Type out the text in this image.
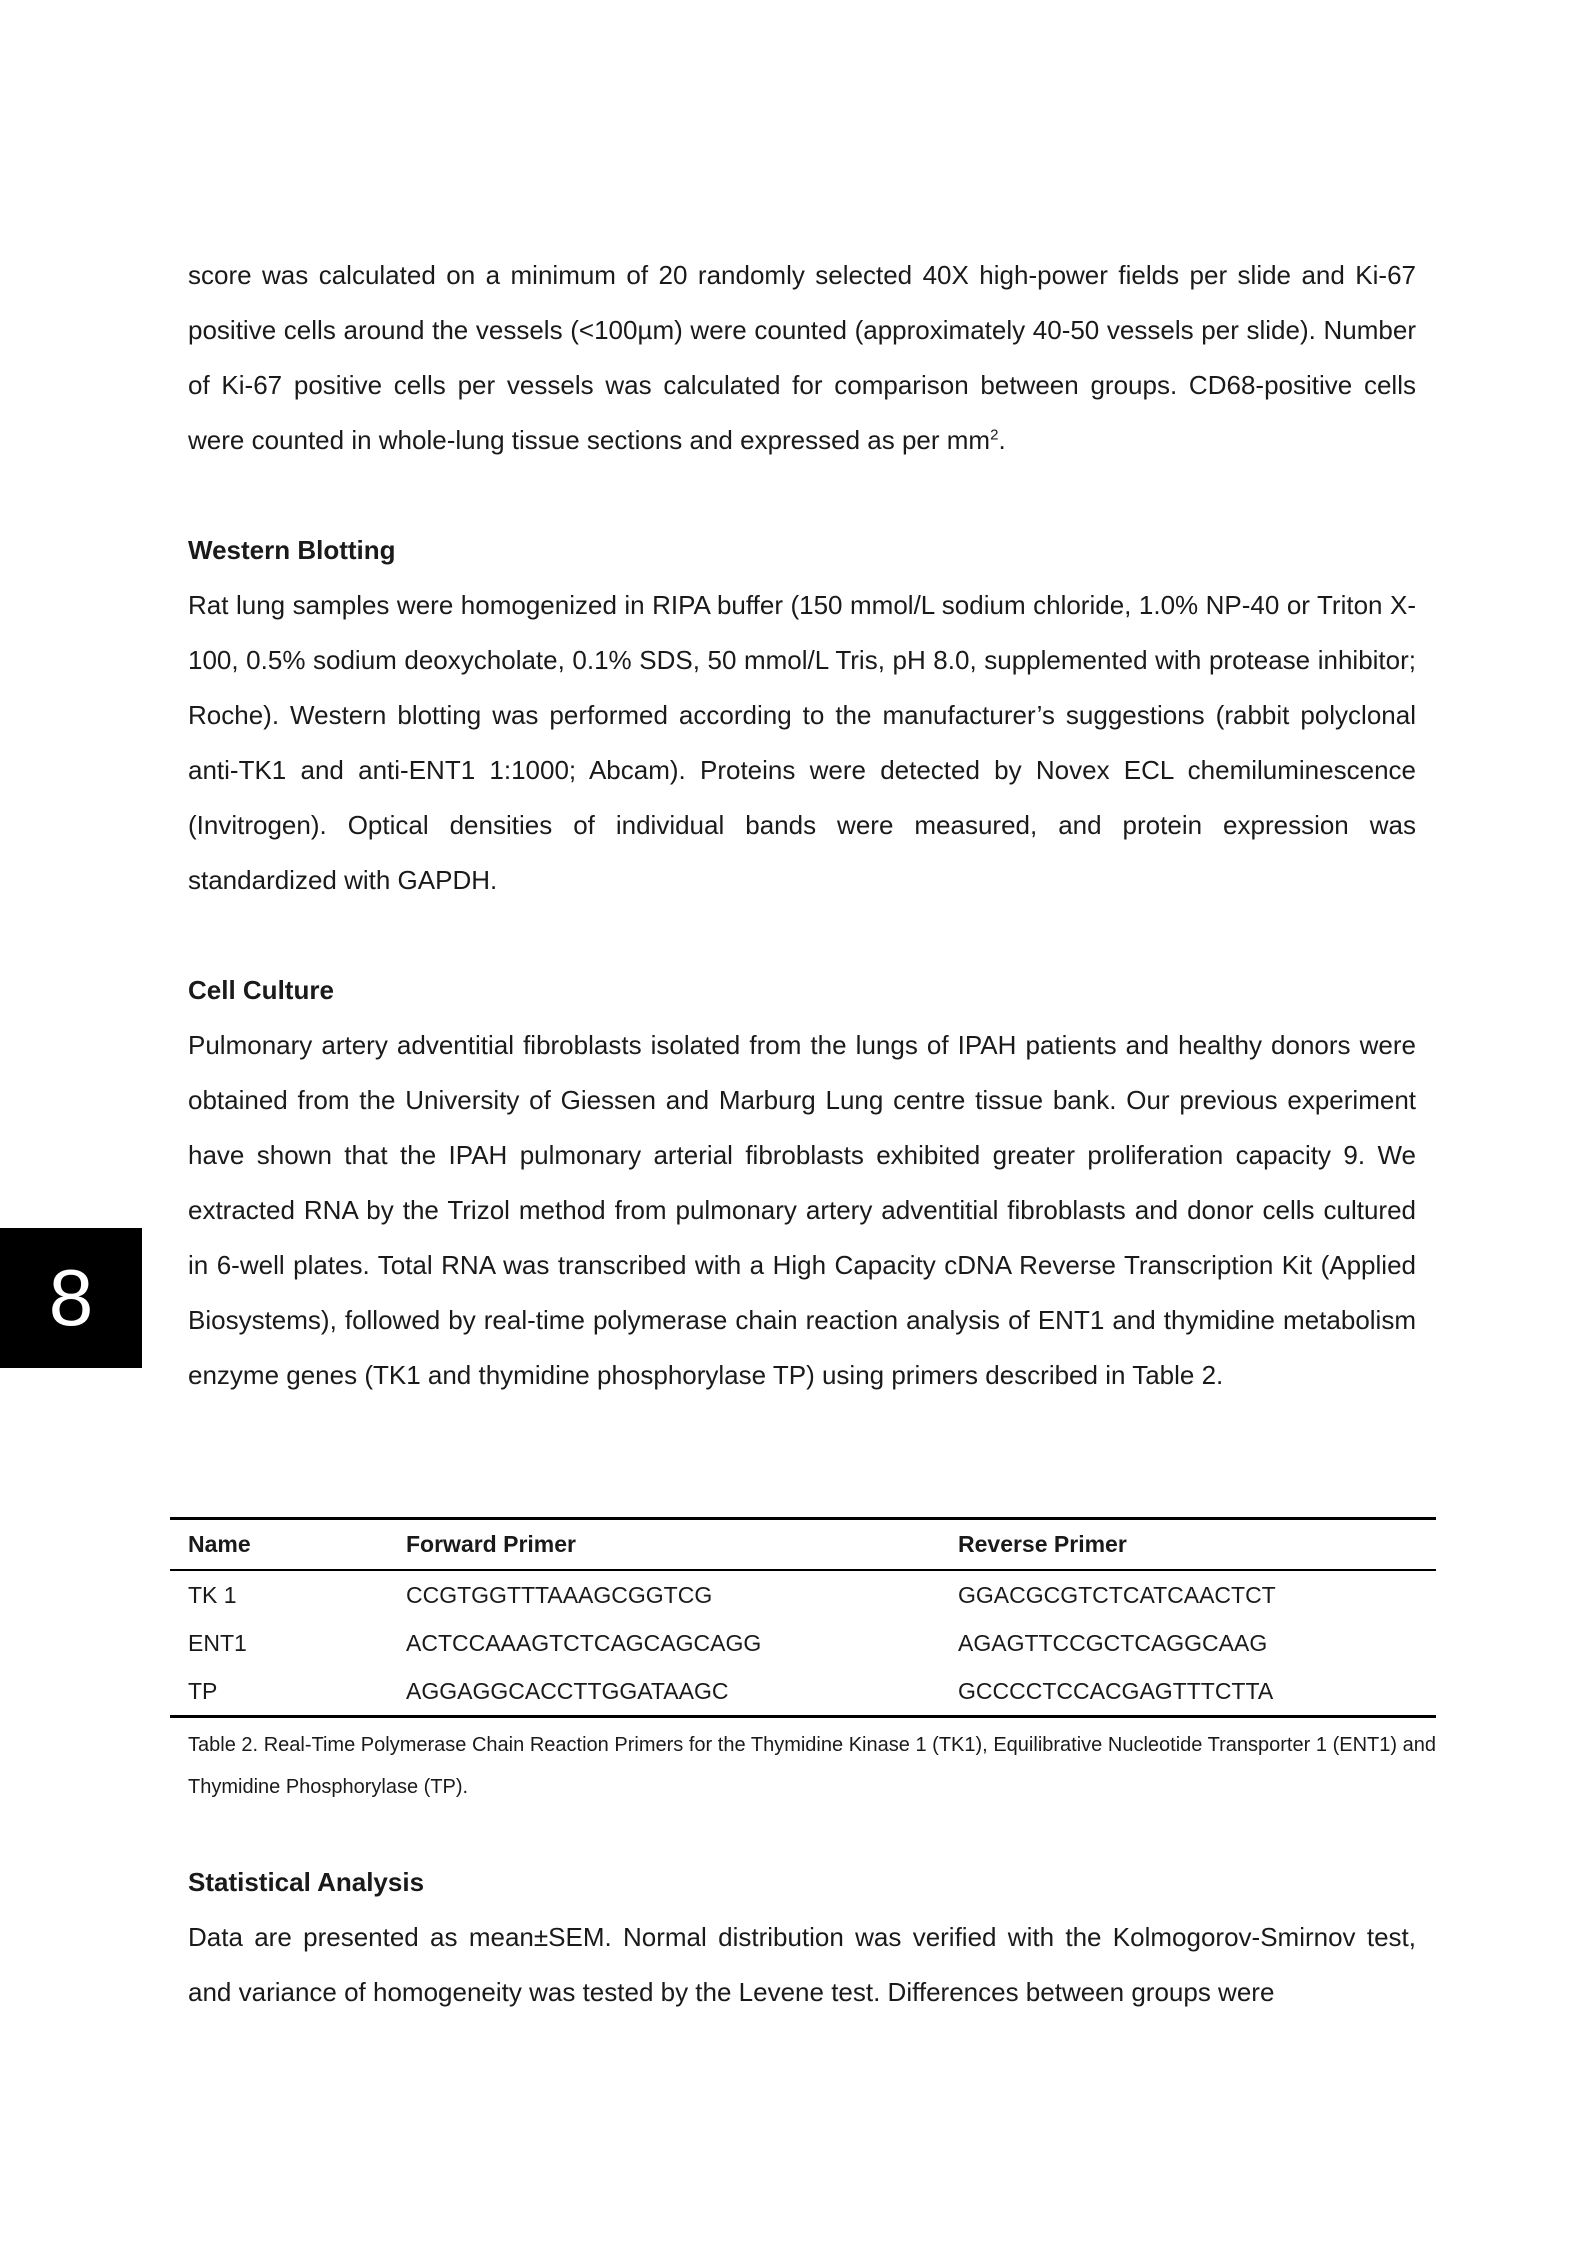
score was calculated on a minimum of 20 randomly selected 40X high-power fields per slide and Ki-67 positive cells around the vessels (<100µm) were counted (approximately 40-50 vessels per slide). Number of Ki-67 positive cells per vessels was calculated for comparison between groups. CD68-positive cells were counted in whole-lung tissue sections and expressed as per $mm^2$.

Western Blotting

Rat lung samples were homogenized in RIPA buffer (150 mmol/L sodium chloride, 1.0% NP-40 or Triton X-100, 0.5% sodium deoxycholate, 0.1% SDS, 50 mmol/L Tris, pH 8.0, supplemented with protease inhibitor; Roche). Western blotting was performed according to the manufacturer’s suggestions (rabbit polyclonal anti-TK1 and anti-ENT1 1:1000; Abcam). Proteins were detected by Novex ECL chemiluminescence (Invitrogen). Optical densities of individual bands were measured, and protein expression was standardized with GAPDH.

Cell Culture

Pulmonary artery adventitial fibroblasts isolated from the lungs of IPAH patients and healthy donors were obtained from the University of Giessen and Marburg Lung centre tissue bank. Our previous experiment have shown that the IPAH pulmonary arterial fibroblasts exhibited greater proliferation capacity 9. We extracted RNA by the Trizol method from pulmonary artery adventitial fibroblasts and donor cells cultured in 6-well plates. Total RNA was transcribed with a High Capacity cDNA Reverse Transcription Kit (Applied Biosystems), followed by real-time polymerase chain reaction analysis of ENT1 and thymidine metabolism enzyme genes (TK1 and thymidine phosphorylase TP) using primers described in Table 2.

8
Name	Forward Primer	Reverse Primer
TK 1	CCGTGGTTTAAAGCGGTCG	GGACGCGTCTCATCAACTCT
ENT1	ACTCCAAAGTCTCAGCAGCAGG	AGAGTTCCGCTCAGGCAAG
TP	AGGAGGCACCTTGGATAAGC	GCCCCTCCACGAGTTTCTTA

Table 2. Real-Time Polymerase Chain Reaction Primers for the Thymidine Kinase 1 (TK1), Equilibrative Nucleotide Transporter 1 (ENT1) and Thymidine Phosphorylase (TP).

Statistical Analysis

Data are presented as mean±SEM. Normal distribution was verified with the Kolmogorov-Smirnov test, and variance of homogeneity was tested by the Levene test. Differences between groups were
